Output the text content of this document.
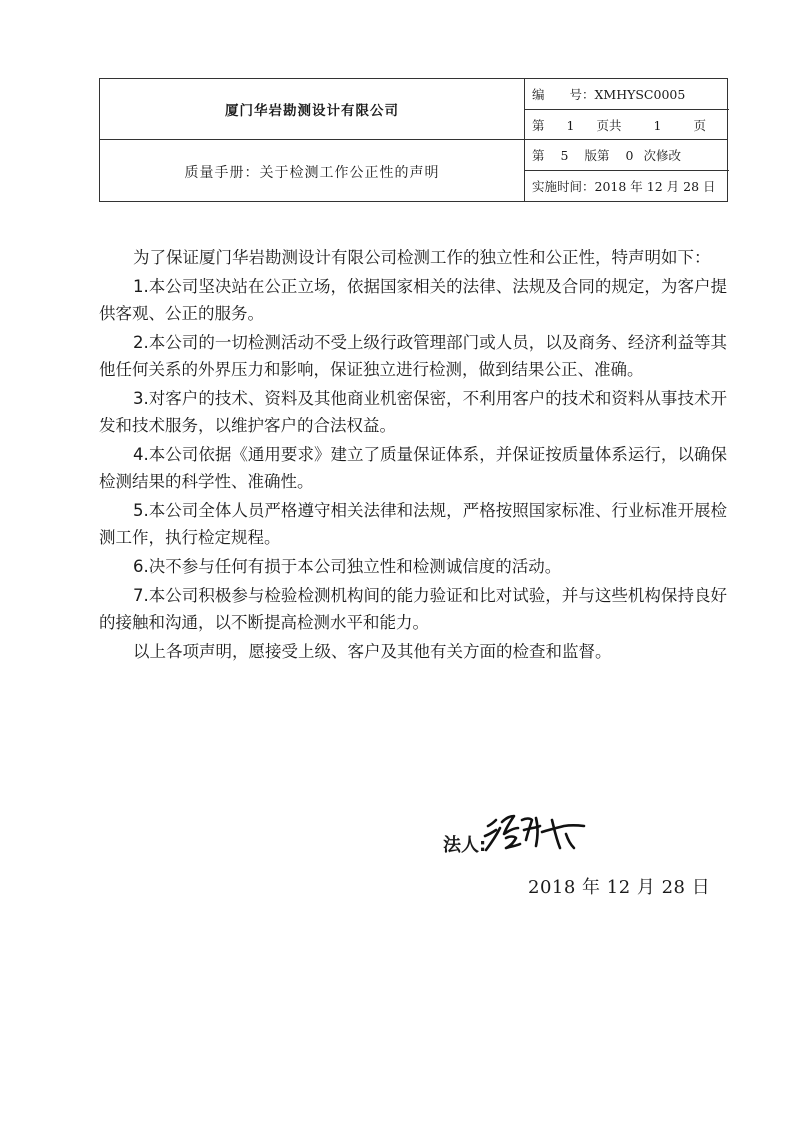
厦门华岩勘测设计有限公司
质量手册：关于检测工作公正性的声明
编　　号： XMHYSC0005
第 1 页共	1	页
第 5 版第 0 次修改
实施时间： 2018 年 12 月 28 日

为了保证厦门华岩勘测设计有限公司检测工作的独立性和公正性，特声明如下：

1.本公司坚决站在公正立场，依据国家相关的法律、法规及合同的规定，为客户提供客观、公正的服务。

2.本公司的一切检测活动不受上级行政管理部门或人员，以及商务、经济利益等其他任何关系的外界压力和影响，保证独立进行检测，做到结果公正、准确。

3.对客户的技术、资料及其他商业机密保密，不利用客户的技术和资料从事技术开发和技术服务，以维护客户的合法权益。

4.本公司依据《通用要求》建立了质量保证体系，并保证按质量体系运行，以确保检测结果的科学性、准确性。

5.本公司全体人员严格遵守相关法律和法规，严格按照国家标准、行业标准开展检测工作，执行检定规程。

6.决不参与任何有损于本公司独立性和检测诚信度的活动。

7.本公司积极参与检验检测机构间的能力验证和比对试验，并与这些机构保持良好的接触和沟通，以不断提高检测水平和能力。

以上各项声明，愿接受上级、客户及其他有关方面的检查和监督。

法人:
2018 年 12 月 28 日
